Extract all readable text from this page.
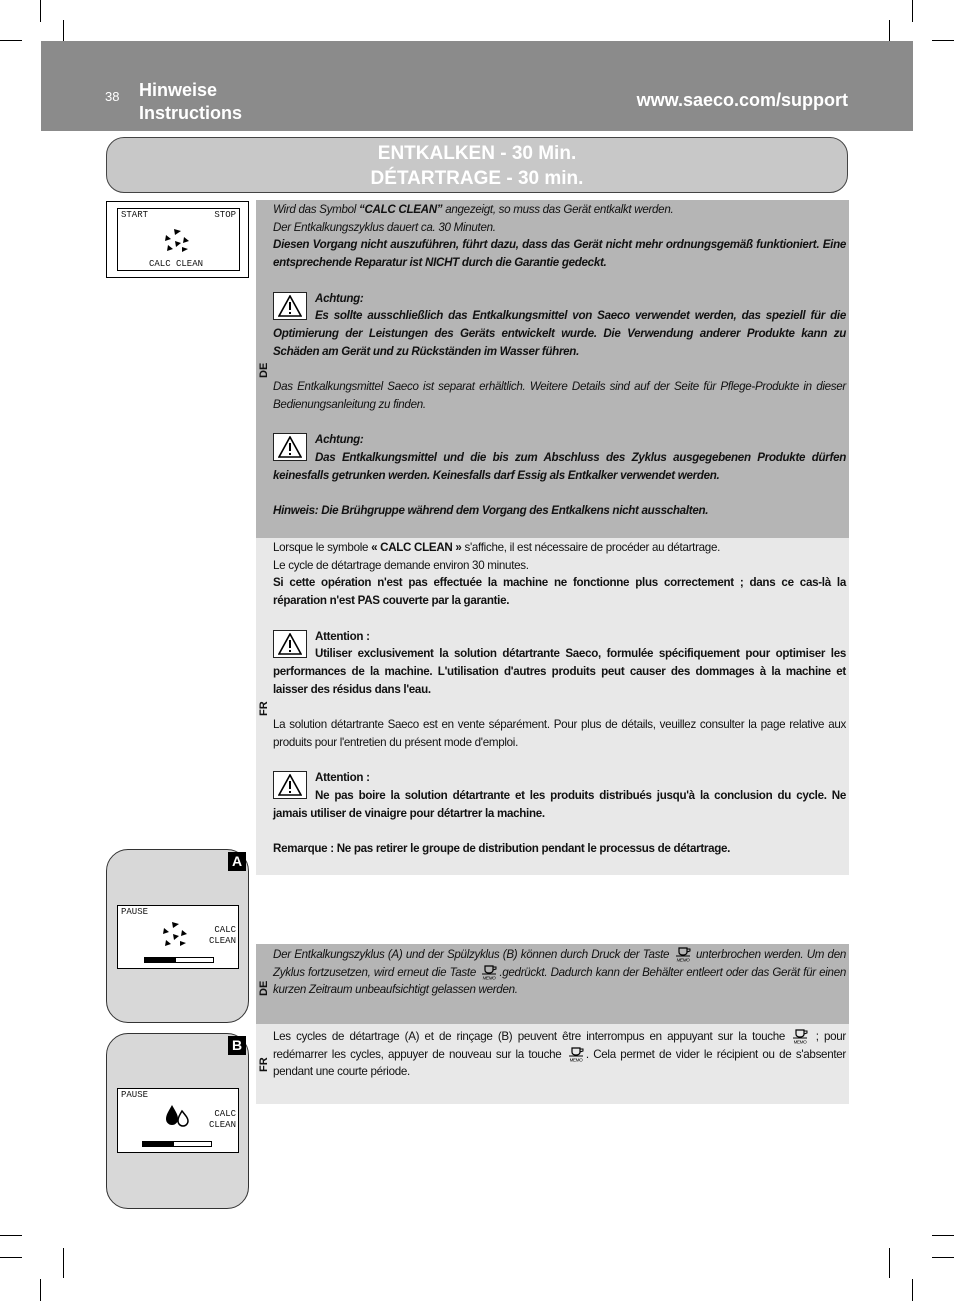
38 Hinweise
Instructions
www.saeco.com/support
ENTKALKEN - 30 Min.
DÉTARTRAGE - 30 min.
START	STOP
CALC CLEAN
DE

Wird das Symbol “CALC CLEAN” angezeigt, so muss das Gerät entkalkt werden.

Der Entkalkungszyklus dauert ca. 30 Minuten.

Diesen Vorgang nicht auszuführen, führt dazu, dass das Gerät nicht mehr ordnungsgemäß funktioniert. Eine entsprechende Reparatur ist NICHT durch die Garantie gedeckt.

Achtung:

Es sollte ausschließlich das Entkalkungsmittel von Saeco verwendet werden, das speziell für die Optimierung der Leistungen des Geräts entwickelt wurde. Die Verwendung anderer Produkte kann zu Schäden am Gerät und zu Rückständen im Wasser führen.

Das Entkalkungsmittel Saeco ist separat erhältlich. Weitere Details sind auf der Seite für Pflege-Produkte in dieser Bedienungsanleitung zu finden.

Achtung:

Das Entkalkungsmittel und die bis zum Abschluss des Zyklus ausgegebenen Produkte dürfen keinesfalls getrunken werden. Keinesfalls darf Essig als Entkalker verwendet werden.

Hinweis: Die Brühgruppe während dem Vorgang des Entkalkens nicht ausschalten.

FR

Lorsque le symbole « CALC CLEAN » s'affiche, il est nécessaire de procéder au détartrage.

Le cycle de détartrage demande environ 30 minutes.

Si cette opération n'est pas effectuée la machine ne fonctionne plus correctement ; dans ce cas-là la réparation n'est PAS couverte par la garantie.

Attention :

Utiliser exclusivement la solution détartrante Saeco, formulée spécifiquement pour optimiser les performances de la machine. L'utilisation d'autres produits peut causer des dommages à la machine et laisser des résidus dans l'eau.

La solution détartrante Saeco est en vente séparément. Pour plus de détails, veuillez consulter la page relative aux produits pour l'entretien du présent mode d'emploi.

Attention :

Ne pas boire la solution détartrante et les produits distribués jusqu'à la conclusion du cycle. Ne jamais utiliser de vinaigre pour détartrer la machine.

Remarque : Ne pas retirer le groupe de distribution pendant le processus de détartrage.

A
PAUSE
CALC
CLEAN
B
PAUSE
CALC
CLEAN
DE

Der Entkalkungszyklus (A) und der Spülzyklus (B) können durch Druck der Taste MEMO unterbrochen werden. Um den Zyklus fortzusetzen, wird erneut die Taste MEMO .gedrückt. Dadurch kann der Behälter entleert oder das Gerät für einen kurzen Zeitraum unbeaufsichtigt gelassen werden.

FR

Les cycles de détartrage (A) et de rinçage (B) peuvent être interrompus en appuyant sur la touche MEMO ; pour redémarrer les cycles, appuyer de nouveau sur la touche MEMO . Cela permet de vider le récipient ou de s'absenter pendant une courte période.
